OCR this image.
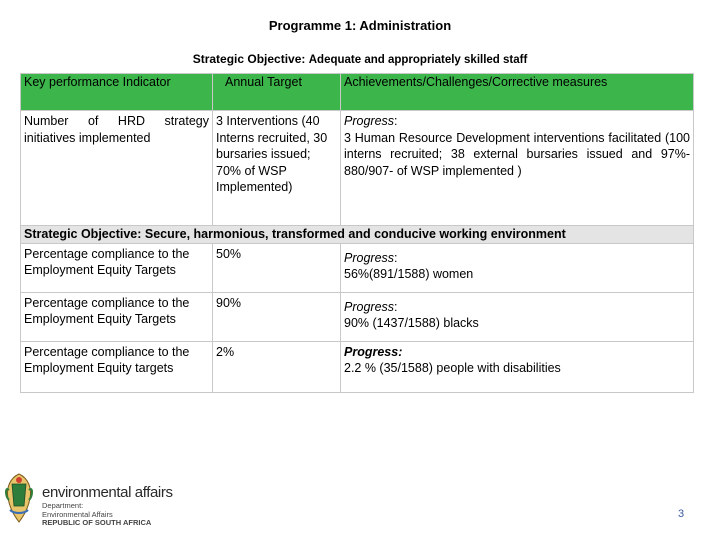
Programme 1: Administration
Strategic Objective: Adequate and appropriately skilled staff
Key performance Indicator	Annual Target	Achievements/Challenges/Corrective measures
Number of HRD strategy initiatives implemented	3 Interventions (40 Interns recruited, 30 bursaries issued; 70% of WSP Implemented)	Progress:
3 Human Resource Development interventions facilitated (100 interns recruited; 38 external bursaries issued and 97%- 880/907- of WSP implemented )
Strategic Objective: Secure, harmonious, transformed and conducive working environment		
Percentage compliance to the Employment Equity Targets	50%	Progress:
56%(891/1588) women
Percentage compliance to the Employment Equity Targets	90%	Progress:
90% (1437/1588) blacks
Percentage compliance to the Employment Equity targets	2%	Progress:
2.2 % (35/1588) people with disabilities
environmental affairs
Department:
Environmental Affairs
REPUBLIC OF SOUTH AFRICA
3
